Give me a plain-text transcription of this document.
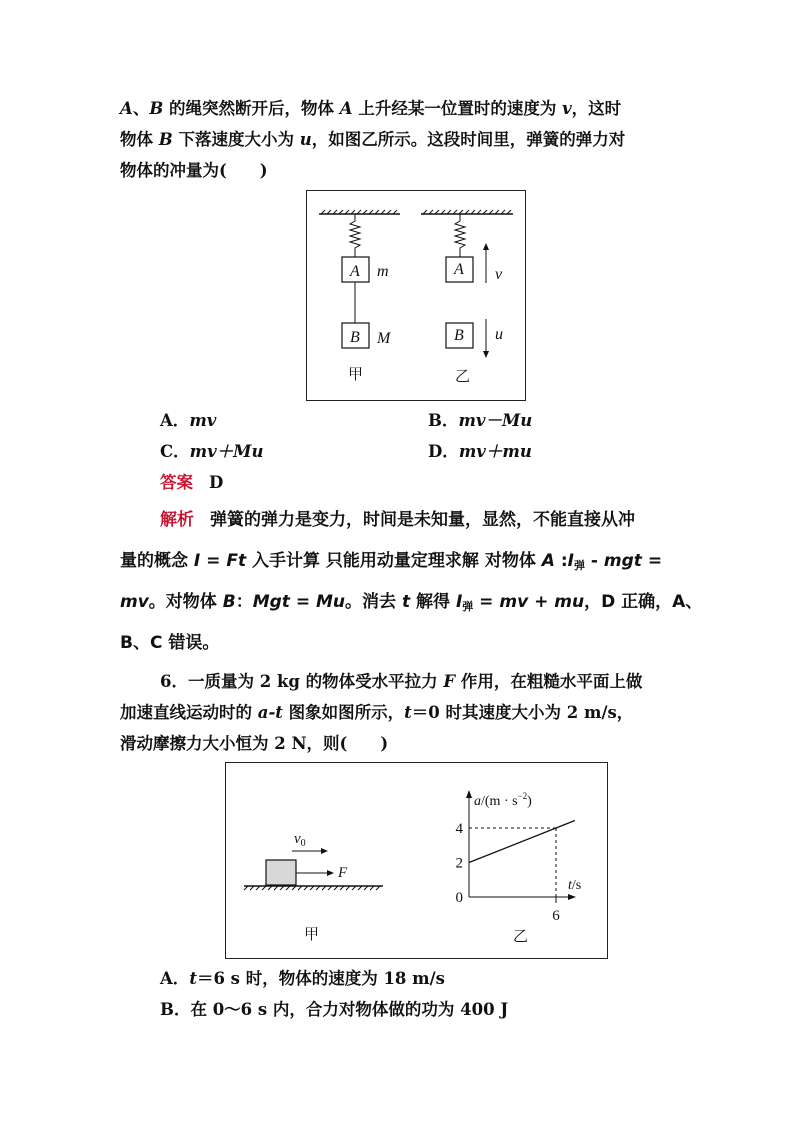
A、B 的绳突然断开后，物体 A 上升经某一位置时的速度为 v，这时
物体 B 下落速度大小为 u，如图乙所示。这段时间里，弹簧的弹力对
物体的冲量为(　　)
A m
B M
A v
B u
甲	乙
A．mv	B．mv－Mu
C．mv＋Mu	D．mv＋mu
答案 D
解析 弹簧的弹力是变力，时间是未知量，显然，不能直接从冲
量的概念 I = Ft 入手计算 只能用动量定理求解 对物体 A $:I_弹$ - mgt =
mv。对物体 B：Mgt = Mu。消去 t 解得 $I_弹$ = mv + mu，D 正确，A、
B、C 错误。
6．一质量为 2 kg 的物体受水平拉力 F 作用，在粗糙水平面上做
加速直线运动时的 a-t 图象如图所示，t＝0 时其速度大小为 2 m/s，
滑动摩擦力大小恒为 2 N，则(　　)
$v_0$
F
甲	乙
$a/(m \cdot s^{-2})$
t/s
4
2
0
6
A．t＝6 s 时，物体的速度为 18 m/s
B．在 0～6 s 内，合力对物体做的功为 400 J
